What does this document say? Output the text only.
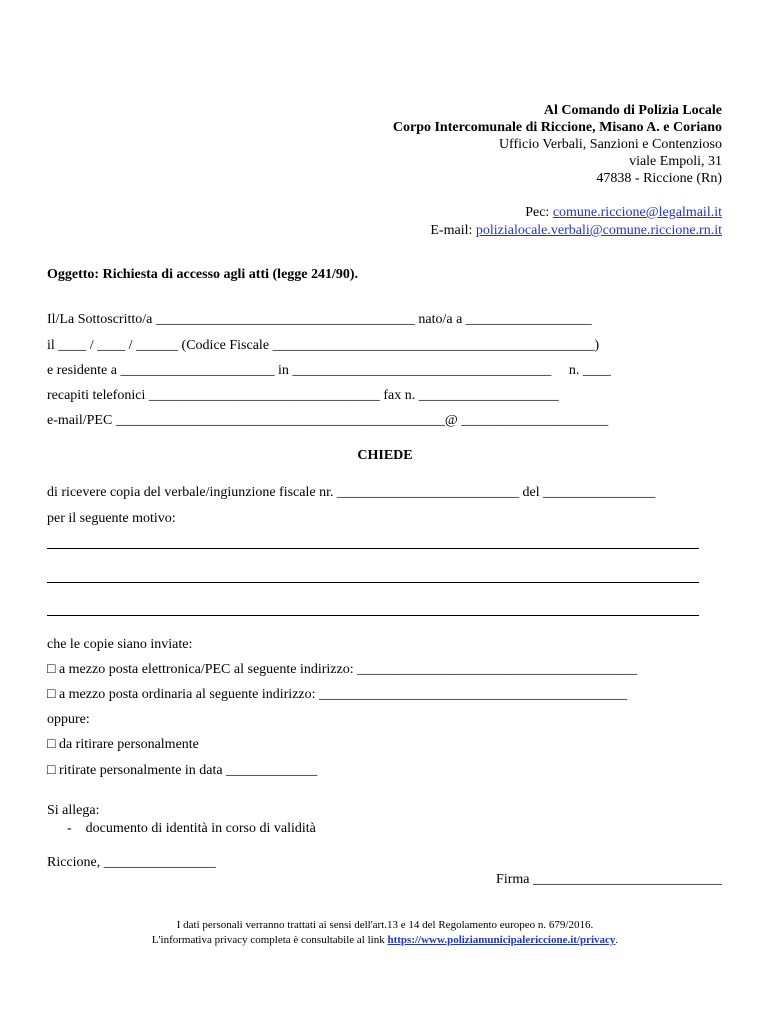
Al Comando di Polizia Locale
Corpo Intercomunale di Riccione, Misano A. e Coriano
Ufficio Verbali, Sanzioni e Contenzioso
viale Empoli, 31
47838 - Riccione (Rn)
Pec: comune.riccione@legalmail.it
E-mail: polizialocale.verbali@comune.riccione.rn.it
Oggetto: Richiesta di accesso agli atti (legge 241/90).
Il/La Sottoscritto/a _____________________________________ nato/a a __________________
il ____ / ____ / ______ (Codice Fiscale ______________________________________________)
e residente a ______________________ in _____________________________________     n. ____
recapiti telefonici _________________________________ fax n. ____________________
e-mail/PEC _______________________________________________@ _____________________
CHIEDE
di ricevere copia del verbale/ingiunzione fiscale nr. __________________________ del ________________
per il seguente motivo:
che le copie siano inviate:
□ a mezzo posta elettronica/PEC al seguente indirizzo: ________________________________________
□ a mezzo posta ordinaria al seguente indirizzo: ____________________________________________
oppure:
□ da ritirare personalmente
□ ritirate personalmente in data _____________
Si allega:
-    documento di identità in corso di validità
Riccione, ________________
Firma ___________________________
I dati personali verranno trattati ai sensi dell'art.13 e 14 del Regolamento europeo n. 679/2016.
L'informativa privacy completa è consultabile al link https://www.poliziamunicipalericcione.it/privacy.
